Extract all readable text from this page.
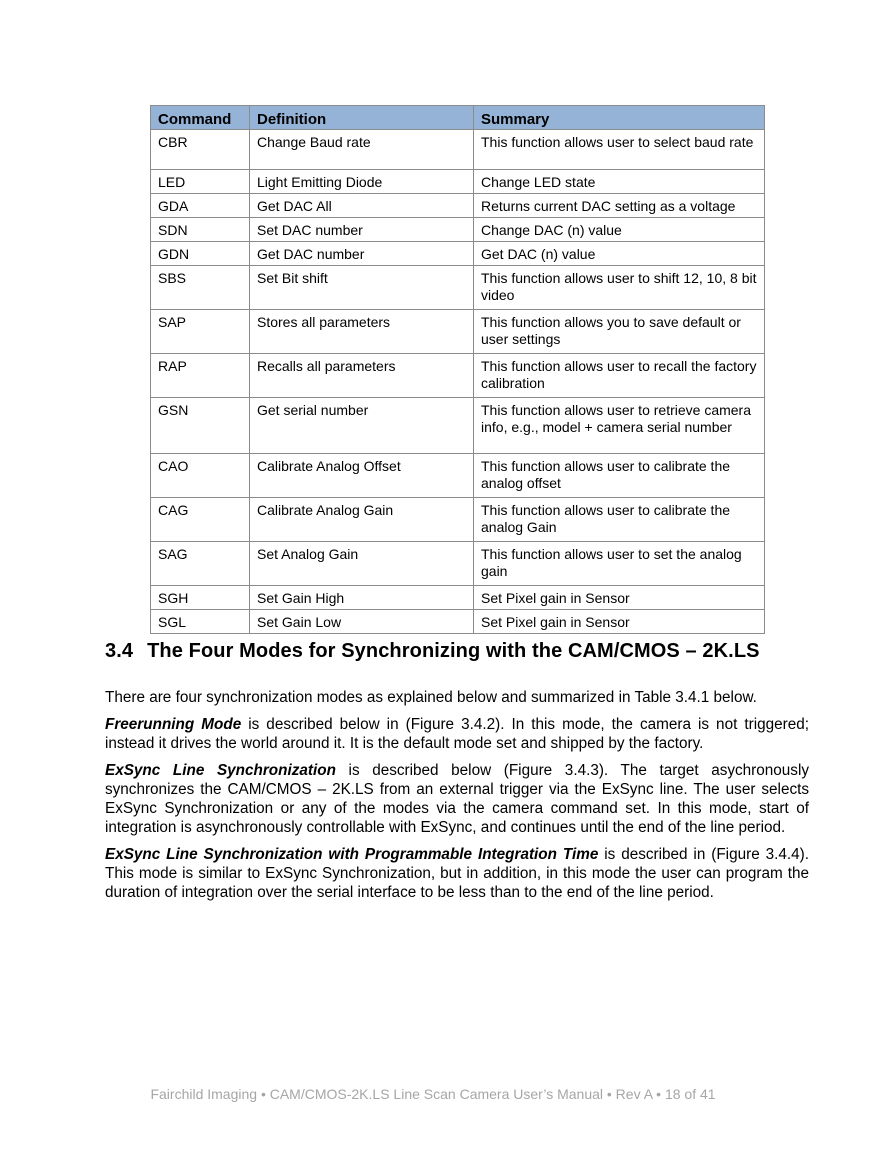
Command	Definition	Summary
CBR	Change Baud rate	This function allows user to select baud rate
LED	Light Emitting Diode	Change LED state
GDA	Get DAC All	Returns current DAC setting as a voltage
SDN	Set DAC number	Change DAC (n) value
GDN	Get DAC number	Get DAC (n) value
SBS	Set Bit shift	This function allows user to shift 12, 10, 8 bit video
SAP	Stores all parameters	This function allows you to save default or user settings
RAP	Recalls all parameters	This function allows user to recall the factory calibration
GSN	Get serial number	This function allows user to retrieve camera info, e.g., model + camera serial number
CAO	Calibrate Analog Offset	This function allows user to calibrate the analog offset
CAG	Calibrate Analog Gain	This function allows user to calibrate the analog Gain
SAG	Set Analog Gain	This function allows user to set the analog gain
SGH	Set Gain High	Set Pixel gain in Sensor
SGL	Set Gain Low	Set Pixel gain in Sensor
3.4 The Four Modes for Synchronizing with the CAM/CMOS – 2K.LS

There are four synchronization modes as explained below and summarized in Table 3.4.1 below.

Freerunning Mode is described below in (Figure 3.4.2). In this mode, the camera is not triggered; instead it drives the world around it. It is the default mode set and shipped by the factory.

ExSync Line Synchronization is described below (Figure 3.4.3). The target asychronously synchronizes the CAM/CMOS – 2K.LS from an external trigger via the ExSync line. The user selects ExSync Synchronization or any of the modes via the camera command set. In this mode, start of integration is asynchronously controllable with ExSync, and continues until the end of the line period.

ExSync Line Synchronization with Programmable Integration Time is described in (Figure 3.4.4). This mode is similar to ExSync Synchronization, but in addition, in this mode the user can program the duration of integration over the serial interface to be less than to the end of the line period.

Fairchild Imaging • CAM/CMOS-2K.LS Line Scan Camera User’s Manual • Rev A • 18 of 41
